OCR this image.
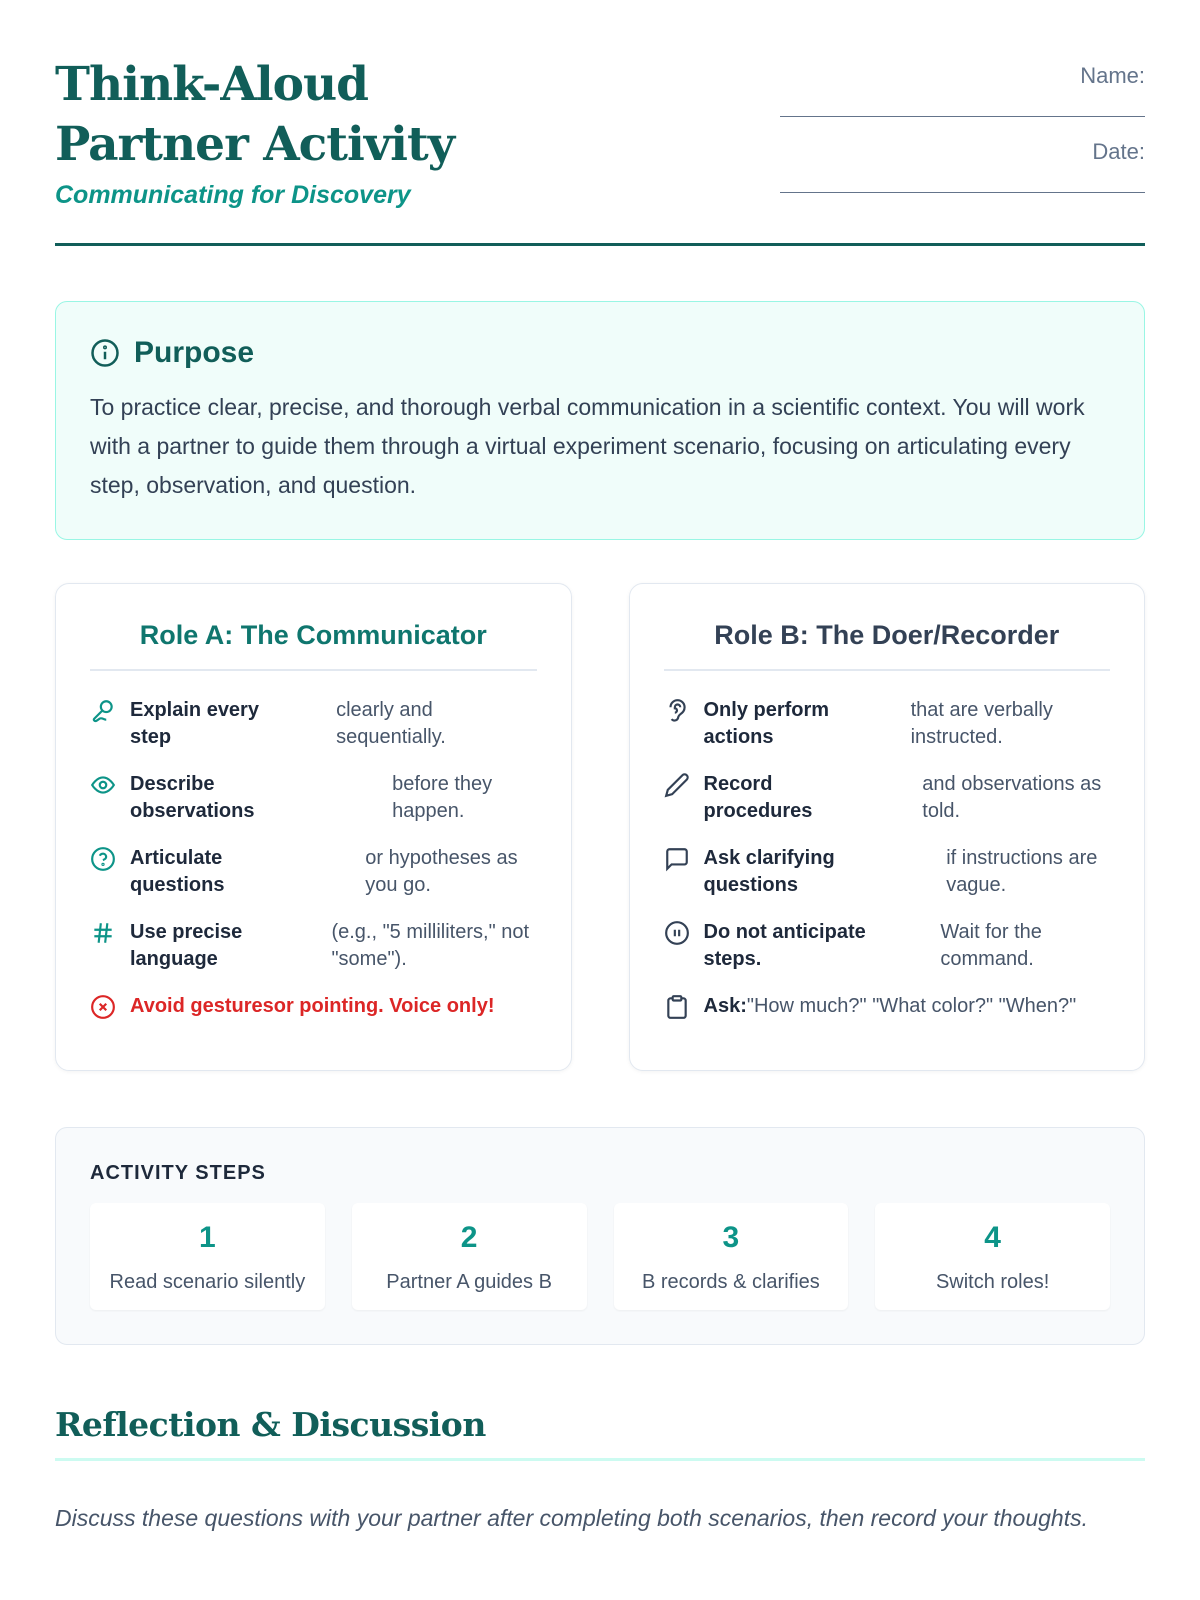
Think-Aloud Partner Activity
Communicating for Discovery
Name:
Date:
Purpose

To practice clear, precise, and thorough verbal communication in a scientific context. You will work with a partner to guide them through a virtual experiment scenario, focusing on articulating every step, observation, and question.

Role A: The Communicator
Explain every step
clearly and sequentially.
Describe observations
before they happen.
Articulate questions
or hypotheses as you go.
Use precise language
(e.g., "5 milliliters," not "some").
Avoid gesturesor pointing. Voice only!
Role B: The Doer/Recorder
Only perform actions
that are verbally instructed.
Record procedures
and observations as told.
Ask clarifying questions
if instructions are vague.
Do not anticipate steps.
Wait for the command.
Ask:"How much?" "What color?" "When?"
ACTIVITY STEPS
1
Read scenario silently
2
Partner A guides B
3
B records & clarifies
4
Switch roles!
Reflection & Discussion

Discuss these questions with your partner after completing both scenarios, then record your thoughts.
